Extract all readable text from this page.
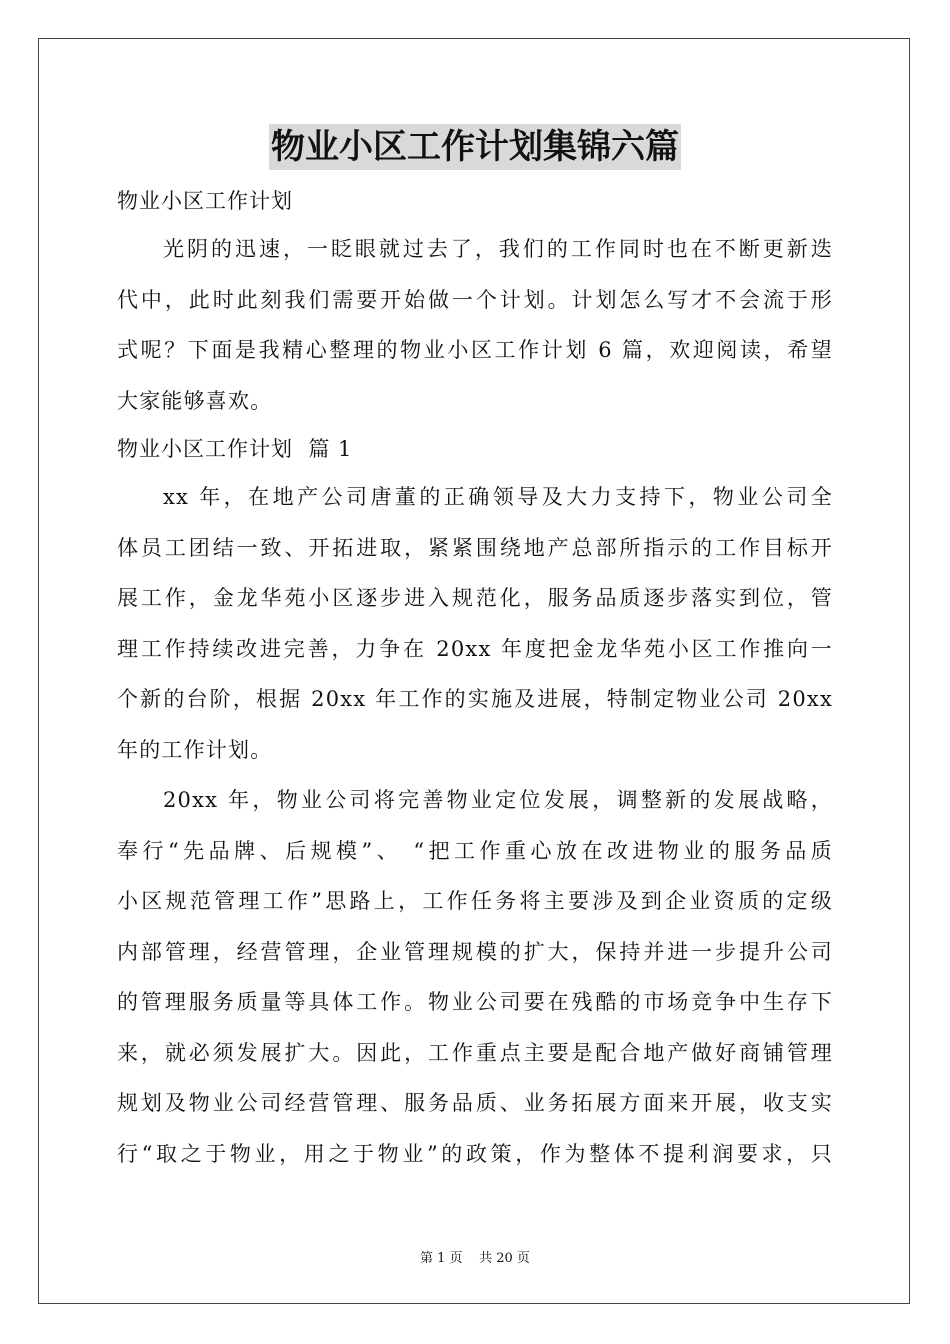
物业小区工作计划集锦六篇
物业小区工作计划
光阴的迅速，一眨眼就过去了，我们的工作同时也在不断更新迭
代中，此时此刻我们需要开始做一个计划。计划怎么写才不会流于形
式呢？下面是我精心整理的物业小区工作计划 6 篇，欢迎阅读，希望
大家能够喜欢。
物业小区工作计划  篇 1
xx 年，在地产公司唐董的正确领导及大力支持下，物业公司全
体员工团结一致、开拓进取，紧紧围绕地产总部所指示的工作目标开
展工作，金龙华苑小区逐步进入规范化，服务品质逐步落实到位，管
理工作持续改进完善，力争在 20xx 年度把金龙华苑小区工作推向一
个新的台阶，根据 20xx 年工作的实施及进展，特制定物业公司 20xx
年的工作计划。
20xx 年，物业公司将完善物业定位发展，调整新的发展战略，
奉行“先品牌、后规模”、 “把工作重心放在改进物业的服务品质
小区规范管理工作”思路上，工作任务将主要涉及到企业资质的定级
内部管理，经营管理，企业管理规模的扩大，保持并进一步提升公司
的管理服务质量等具体工作。物业公司要在残酷的市场竞争中生存下
来，就必须发展扩大。因此，工作重点主要是配合地产做好商铺管理
规划及物业公司经营管理、服务品质、业务拓展方面来开展，收支实
行“取之于物业，用之于物业”的政策，作为整体不提利润要求，只
第 1 页 共 20 页
